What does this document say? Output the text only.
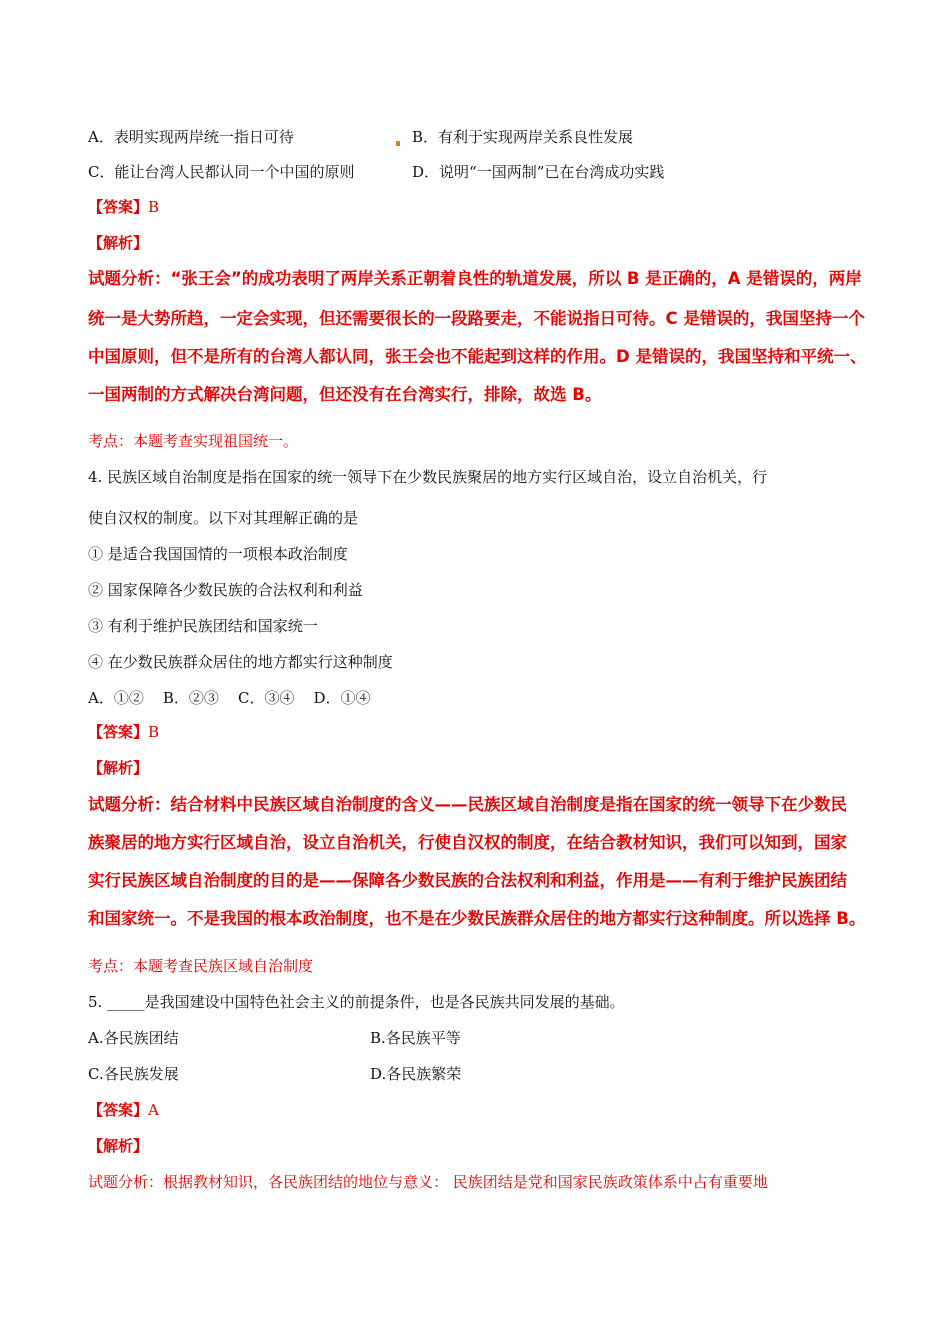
A．表明实现两岸统一指日可待	B．有利于实现两岸关系良性发展
C．能让台湾人民都认同一个中国的原则	D．说明“一国两制”已在台湾成功实践
【答案】B
【解析】
试题分析：“张王会”的成功表明了两岸关系正朝着良性的轨道发展，所以 B 是正确的，A 是错误的，两岸
统一是大势所趋，一定会实现，但还需要很长的一段路要走，不能说指日可待。C 是错误的，我国坚持一个
中国原则，但不是所有的台湾人都认同，张王会也不能起到这样的作用。D 是错误的，我国坚持和平统一、
一国两制的方式解决台湾问题，但还没有在台湾实行，排除，故选 B。
考点：本题考查实现祖国统一。
4. 民族区域自治制度是指在国家的统一领导下在少数民族聚居的地方实行区域自治，设立自治机关，行
使自汉权的制度。以下对其理解正确的是
① 是适合我国国情的一项根本政治制度
② 国家保障各少数民族的合法权利和利益
③ 有利于维护民族团结和国家统一
④ 在少数民族群众居住的地方都实行这种制度
A．①②    B．②③    C．③④    D．①④
【答案】B
【解析】
试题分析：结合材料中民族区域自治制度的含义——民族区域自治制度是指在国家的统一领导下在少数民
族聚居的地方实行区域自治，设立自治机关，行使自汉权的制度，在结合教材知识，我们可以知到，国家
实行民族区域自治制度的目的是——保障各少数民族的合法权利和利益，作用是——有利于维护民族团结
和国家统一。不是我国的根本政治制度，也不是在少数民族群众居住的地方都实行这种制度。所以选择 B。
考点：本题考查民族区域自治制度
5. _____是我国建设中国特色社会主义的前提条件，也是各民族共同发展的基础。
A.各民族团结	B.各民族平等
C.各民族发展	D.各民族繁荣
【答案】A
【解析】
试题分析：根据教材知识，各民族团结的地位与意义： 民族团结是党和国家民族政策体系中占有重要地
